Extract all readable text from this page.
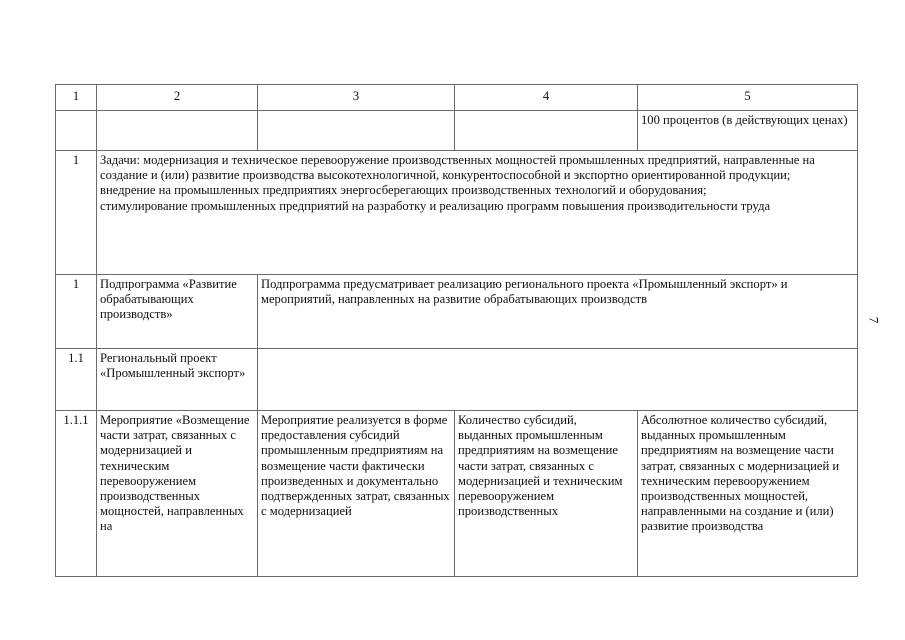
1	2	3	4	5
				100 процентов (в действующих ценах)
1	Задачи: модернизация и техническое перевооружение производственных мощностей промышленных предприятий, направленные на создание и (или) развитие производства высокотехнологичной, конкурентоспособной и экспортно ориентированной продукции;
внедрение на промышленных предприятиях энергосберегающих производственных технологий и оборудования;
стимулирование промышленных предприятий на разработку и реализацию программ повышения производительности труда			
1	Подпрограмма «Развитие обрабатывающих производств»	Подпрограмма предусматривает реализацию регионального проекта «Промышленный экспорт» и мероприятий, направленных на развитие обрабатывающих производств		
1.1	Региональный проект «Промышленный экспорт»			

1.1.1	Мероприятие «Возмещение части затрат, связанных с модернизацией и техническим перевооружением производственных мощностей, направленных на	Мероприятие реализуется в форме предоставления субсидий промышленным предприятиям на возмещение части фактически произведенных и документально подтвержденных затрат, связанных с модернизацией	Количество субсидий, выданных промышленным предприятиям на возмещение части затрат, связанных с модернизацией и техническим перевооружением производственных	Абсолютное количество субсидий, выданных промышленным предприятиям на возмещение части затрат, связанных с модернизацией и техническим перевооружением производственных мощностей, направленными на создание и (или) развитие производства
7
